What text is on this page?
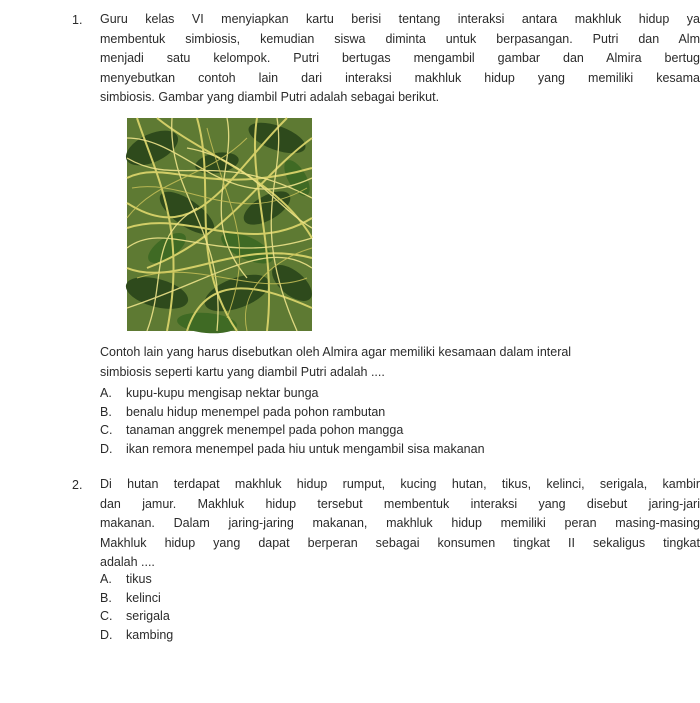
1. Guru kelas VI menyiapkan kartu berisi tentang interaksi antara makhluk hidup ya
membentuk simbiosis, kemudian siswa diminta untuk berpasangan. Putri dan Alm
menjadi satu kelompok. Putri bertugas mengambil gambar dan Almira bertug
menyebutkan contoh lain dari interaksi makhluk hidup yang memiliki kesama
simbiosis. Gambar yang diambil Putri adalah sebagai berikut.
Contoh lain yang harus disebutkan oleh Almira agar memiliki kesamaan dalam interal
simbiosis seperti kartu yang diambil Putri adalah ....
A.	kupu-kupu mengisap nektar bunga
B.	benalu hidup menempel pada pohon rambutan
C.	tanaman anggrek menempel pada pohon mangga
D.	ikan remora menempel pada hiu untuk mengambil sisa makanan
2. Di hutan terdapat makhluk hidup rumput, kucing hutan, tikus, kelinci, serigala, kambir
dan jamur. Makhluk hidup tersebut membentuk interaksi yang disebut jaring-jari
makanan. Dalam jaring-jaring makanan, makhluk hidup memiliki peran masing-masing
Makhluk hidup yang dapat berperan sebagai konsumen tingkat II sekaligus tingkat
adalah ....
A.	tikus
B.	kelinci
C.	serigala
D.	kambing
